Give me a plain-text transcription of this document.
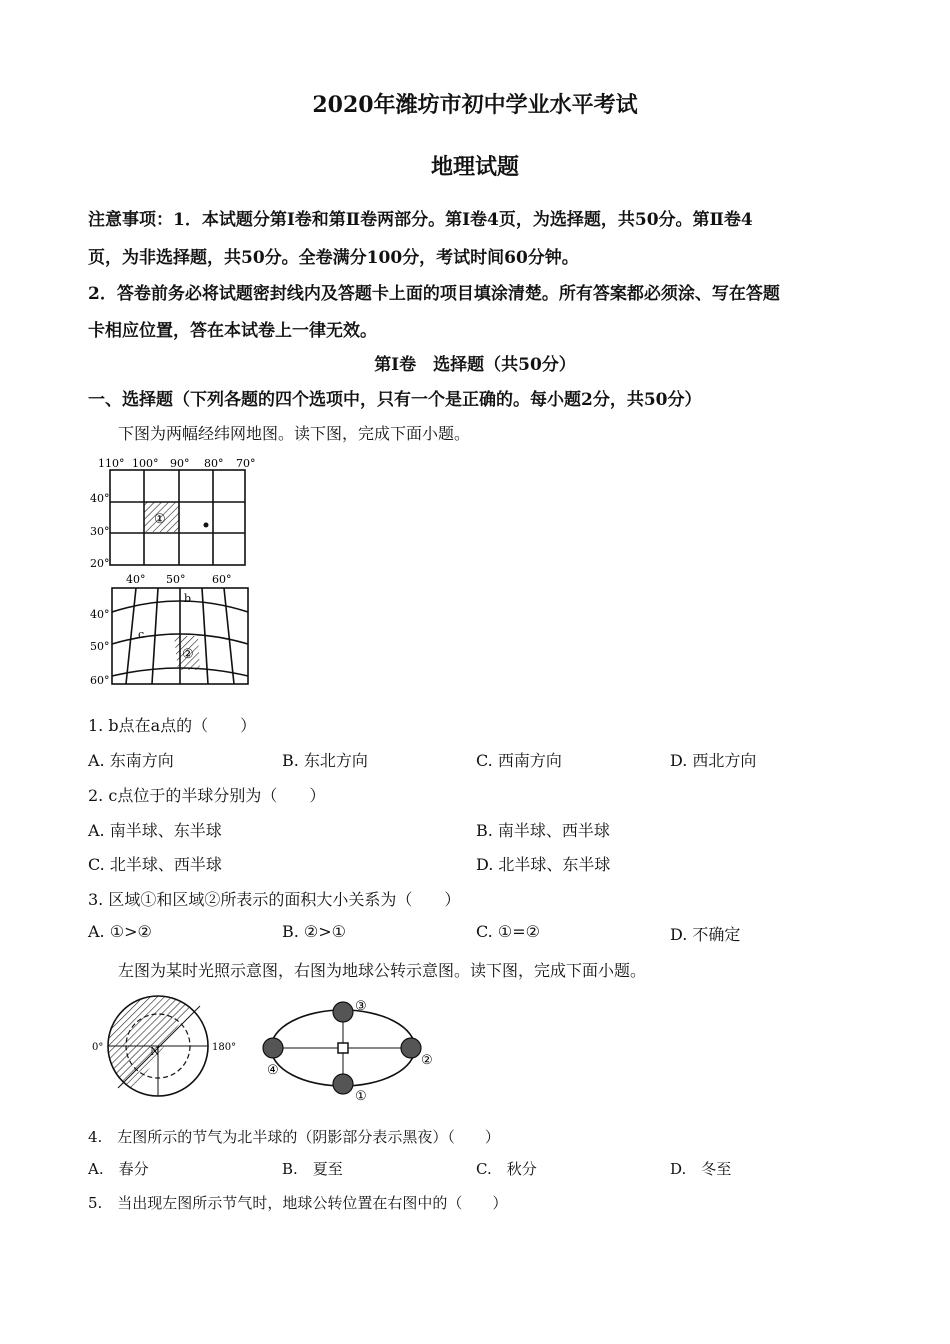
2020年潍坊市初中学业水平考试
地理试题
注意事项：1．本试题分第Ⅰ卷和第Ⅱ卷两部分。第Ⅰ卷4页，为选择题，共50分。第Ⅱ卷4
页，为非选择题，共50分。全卷满分100分，考试时间60分钟。
2．答卷前务必将试题密封线内及答题卡上面的项目填涂清楚。所有答案都必须涂、写在答题
卡相应位置，答在本试卷上一律无效。
第Ⅰ卷　选择题（共50分）
一、选择题（下列各题的四个选项中，只有一个是正确的。每小题2分，共50分）
下图为两幅经纬网地图。读下图，完成下面小题。
110° 100° 90° 80° 70°
40°
30°
20°
①
40° 50° 60°
40°
50°
60°
b
c
②
1. b点在a点的（　　）
A. 东南方向	B. 东北方向	C. 西南方向	D. 西北方向
2. c点位于的半球分别为（　　）
A. 南半球、东半球	B. 南半球、西半球
C. 北半球、西半球	D. 北半球、东半球
3. 区域①和区域②所表示的面积大小关系为（　　）
A. ①>②	B. ②>①	C. ①=②	D. 不确定
左图为某时光照示意图，右图为地球公转示意图。读下图，完成下面小题。
0°	180°
N
③
②
①
④
4.　左图所示的节气为北半球的（阴影部分表示黑夜）（　　）
A.　春分	B.　夏至	C.　秋分	D.　冬至
5.　当出现左图所示节气时，地球公转位置在右图中的（　　）
